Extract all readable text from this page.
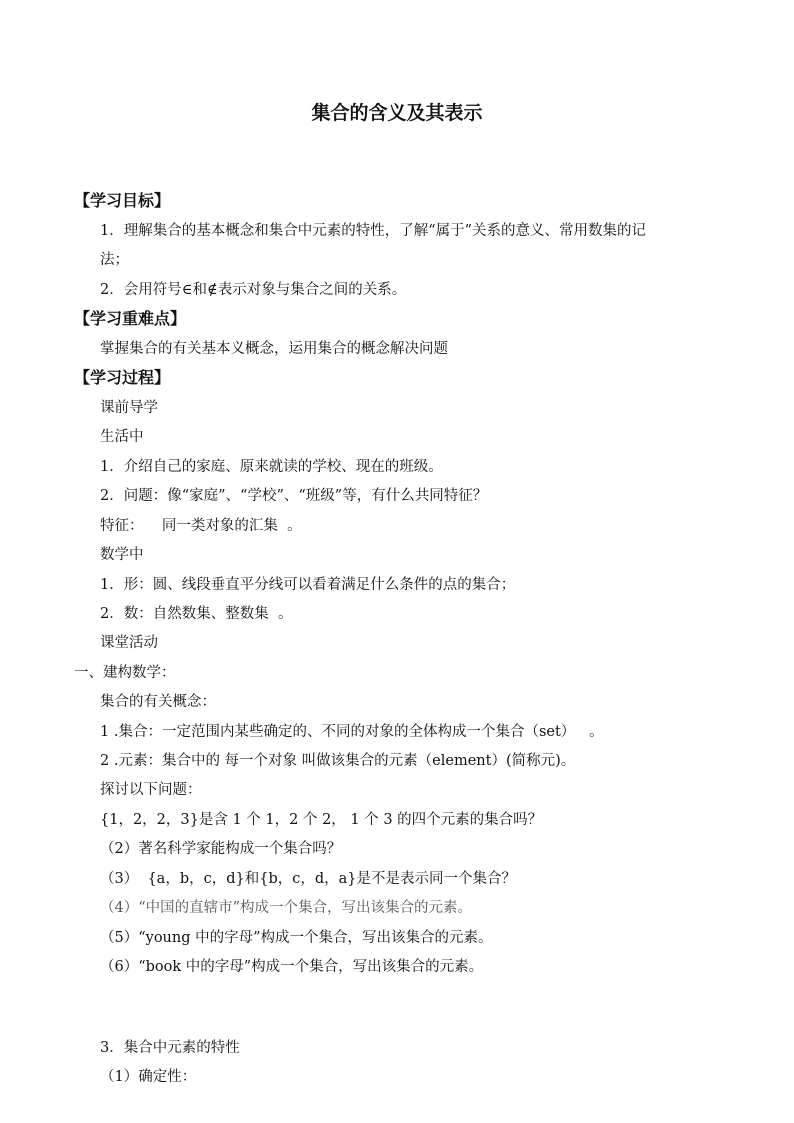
集合的含义及其表示
【学习目标】
1．理解集合的基本概念和集合中元素的特性，了解“属于”关系的意义、常用数集的记
法；
2．会用符号∈和∉表示对象与集合之间的关系。
【学习重难点】
掌握集合的有关基本义概念，运用集合的概念解决问题
【学习过程】
课前导学
生活中
1．介绍自己的家庭、原来就读的学校、现在的班级。
2．问题：像“家庭”、“学校”、“班级”等，有什么共同特征？
特征：    同一类对象的汇集  。
数学中
1．形：圆、线段垂直平分线可以看着满足什么条件的点的集合；
2．数：自然数集、整数集  。
课堂活动
一、建构数学：
集合的有关概念：
1 .集合：一定范围内某些确定的、不同的对象的全体构成一个集合（set）   。
2 .元素：集合中的 每一个对象 叫做该集合的元素（element）(简称元)。
探讨以下问题：
{1，2，2，3}是含 1 个 1，2 个 2， 1 个 3 的四个元素的集合吗？
（2）著名科学家能构成一个集合吗？
（3）  {a，b，c，d}和{b，c，d，a}是不是表示同一个集合？
（4）“中国的直辖市”构成一个集合，写出该集合的元素。
（5）“young 中的字母”构成一个集合，写出该集合的元素。
（6）“book 中的字母”构成一个集合，写出该集合的元素。
3．集合中元素的特性
（1）确定性：
